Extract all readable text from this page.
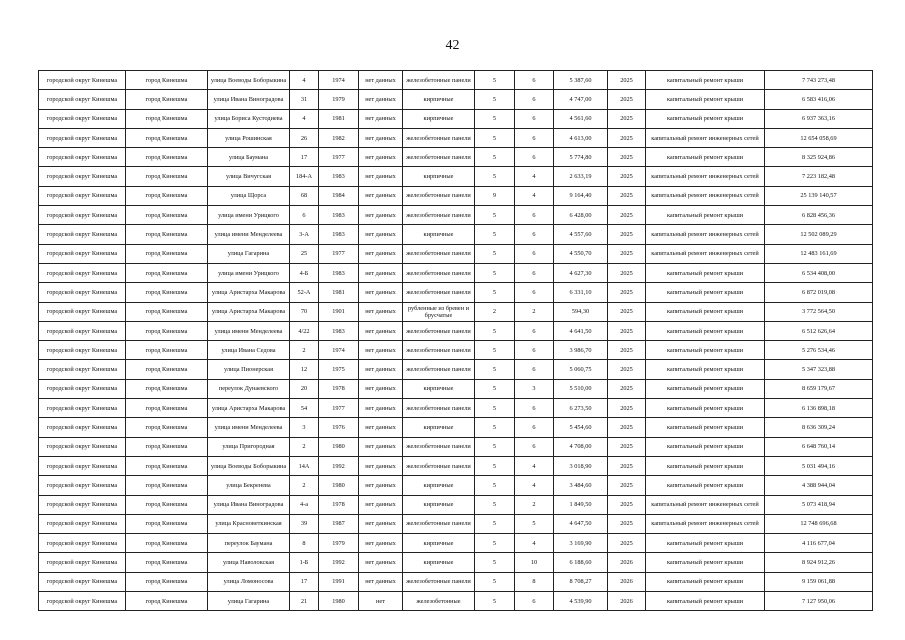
42
городской округ Кинешма	город Кинешма	улица Воеводы Боборыкина	4	1974	нет данных	железобетонные панели	5	6	5 387,60	2025	капитальный ремонт крыши	7 743 273,48
городской округ Кинешма	город Кинешма	улица Ивана Виноградова	31	1979	нет данных	кирпичные	5	6	4 747,00	2025	капитальный ремонт крыши	6 583 416,06
городской округ Кинешма	город Кинешма	улица Бориса Кустодиева	4	1981	нет данных	кирпичные	5	6	4 561,60	2025	капитальный ремонт крыши	6 937 363,16
городской округ Кинешма	город Кинешма	улица Рошинская	26	1982	нет данных	железобетонные панели	5	6	4 613,00	2025	капитальный ремонт инженерных сетей	12 654 058,69
городской округ Кинешма	город Кинешма	улица Баумана	17	1977	нет данных	железобетонные панели	5	6	5 774,80	2025	капитальный ремонт крыши	8 325 924,86
городской округ Кинешма	город Кинешма	улица Вичугская	184-А	1983	нет данных	кирпичные	5	4	2 633,19	2025	капитальный ремонт инженерных сетей	7 223 182,48
городской округ Кинешма	город Кинешма	улица Щорса	68	1984	нет данных	железобетонные панели	9	4	9 164,40	2025	капитальный ремонт инженерных сетей	25 139 140,57
городской округ Кинешма	город Кинешма	улица имени Урицкого	6	1983	нет данных	железобетонные панели	5	6	6 428,00	2025	капитальный ремонт крыши	6 828 456,36
городской округ Кинешма	город Кинешма	улица имени Менделеева	3-А	1983	нет данных	кирпичные	5	6	4 557,60	2025	капитальный ремонт инженерных сетей	12 502 089,29
городской округ Кинешма	город Кинешма	улица Гагарина	25	1977	нет данных	железобетонные панели	5	6	4 550,70	2025	капитальный ремонт инженерных сетей	12 483 161,69
городской округ Кинешма	город Кинешма	улица имени Урицкого	4-Б	1983	нет данных	железобетонные панели	5	6	4 627,30	2025	капитальный ремонт крыши	6 534 408,00
городской округ Кинешма	город Кинешма	улица Аристарха Макарова	52-А	1981	нет данных	железобетонные панели	5	6	6 331,10	2025	капитальный ремонт крыши	6 872 019,08
городской округ Кинешма	город Кинешма	улица Аристарха Макарова	70	1901	нет данных	рубленные из бревен и брусчатые	2	2	594,30	2025	капитальный ремонт крыши	3 772 564,50
городской округ Кинешма	город Кинешма	улица имени Менделеева	4/22	1983	нет данных	железобетонные панели	5	6	4 641,50	2025	капитальный ремонт крыши	6 512 626,64
городской округ Кинешма	город Кинешма	улица Ивана Седова	2	1974	нет данных	железобетонные панели	5	6	3 986,70	2025	капитальный ремонт крыши	5 276 534,46
городской округ Кинешма	город Кинешма	улица Пионерская	12	1975	нет данных	железобетонные панели	5	6	5 060,75	2025	капитальный ремонт крыши	5 347 323,88
городской округ Кинешма	город Кинешма	переулок Дунаевского	20	1978	нет данных	кирпичные	5	3	5 510,00	2025	капитальный ремонт крыши	8 659 179,67
городской округ Кинешма	город Кинешма	улица Аристарха Макарова	54	1977	нет данных	железобетонные панели	5	6	6 273,50	2025	капитальный ремонт крыши	6 136 898,18
городской округ Кинешма	город Кинешма	улица имени Менделеева	3	1976	нет данных	кирпичные	5	6	5 454,60	2025	капитальный ремонт крыши	8 636 309,24
городской округ Кинешма	город Кинешма	улица Пригородная	2	1980	нет данных	железобетонные панели	5	6	4 708,00	2025	капитальный ремонт крыши	6 648 760,14
городской округ Кинешма	город Кинешма	улица Воеводы Боборыкина	14А	1992	нет данных	железобетонные панели	5	4	3 018,90	2025	капитальный ремонт крыши	5 031 494,16
городской округ Кинешма	город Кинешма	улица Бекренева	2	1980	нет данных	кирпичные	5	4	3 484,60	2025	капитальный ремонт крыши	4 388 944,04
городской округ Кинешма	город Кинешма	улица Ивана Виноградова	4-а	1978	нет данных	кирпичные	5	2	1 849,50	2025	капитальный ремонт инженерных сетей	5 073 418,94
городской округ Кинешма	город Кинешма	улица Красноветкинская	39	1987	нет данных	железобетонные панели	5	5	4 647,50	2025	капитальный ремонт инженерных сетей	12 748 696,68
городской округ Кинешма	город Кинешма	переулок Баумана	8	1979	нет данных	кирпичные	5	4	3 169,90	2025	капитальный ремонт крыши	4 116 677,04
городской округ Кинешма	город Кинешма	улица Наволокская	1-Б	1992	нет данных	кирпичные	5	10	6 188,60	2026	капитальный ремонт крыши	8 924 912,26
городской округ Кинешма	город Кинешма	улица Ломоносова	17	1991	нет данных	железобетонные панели	5	8	8 708,27	2026	капитальный ремонт крыши	9 159 061,88
городской округ Кинешма	город Кинешма	улица Гагарина	21	1980	нет	железобетонные	5	6	4 539,90	2026	капитальный ремонт крыши	7 127 950,06
